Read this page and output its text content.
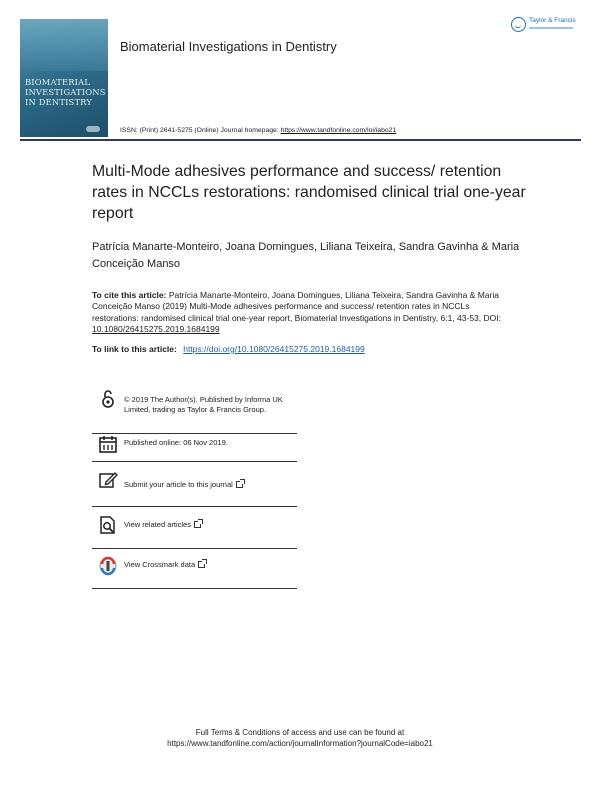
BIOMATERIAL
INVESTIGATIONS
IN DENTISTRY
Biomaterial Investigations in Dentistry
Taylor & Francis
ISSN: (Print) 2641-5275 (Online) Journal homepage: https://www.tandfonline.com/loi/iabo21
Multi-Mode adhesives performance and success/ retention rates in NCCLs restorations: randomised clinical trial one-year report
Patrícia Manarte-Monteiro, Joana Domingues, Liliana Teixeira, Sandra Gavinha & Maria Conceição Manso
To cite this article: Patrícia Manarte-Monteiro, Joana Domingues, Liliana Teixeira, Sandra Gavinha & Maria Conceição Manso (2019) Multi-Mode adhesives performance and success/ retention rates in NCCLs restorations: randomised clinical trial one-year report, Biomaterial Investigations in Dentistry, 6:1, 43-53, DOI: 10.1080/26415275.2019.1684199
To link to this article: https://doi.org/10.1080/26415275.2019.1684199
© 2019 The Author(s). Published by Informa UK Limited, trading as Taylor & Francis Group.
Published online: 06 Nov 2019.
Submit your article to this journal
View related articles
View Crossmark data
Full Terms & Conditions of access and use can be found at
https://www.tandfonline.com/action/journalInformation?journalCode=iabo21
